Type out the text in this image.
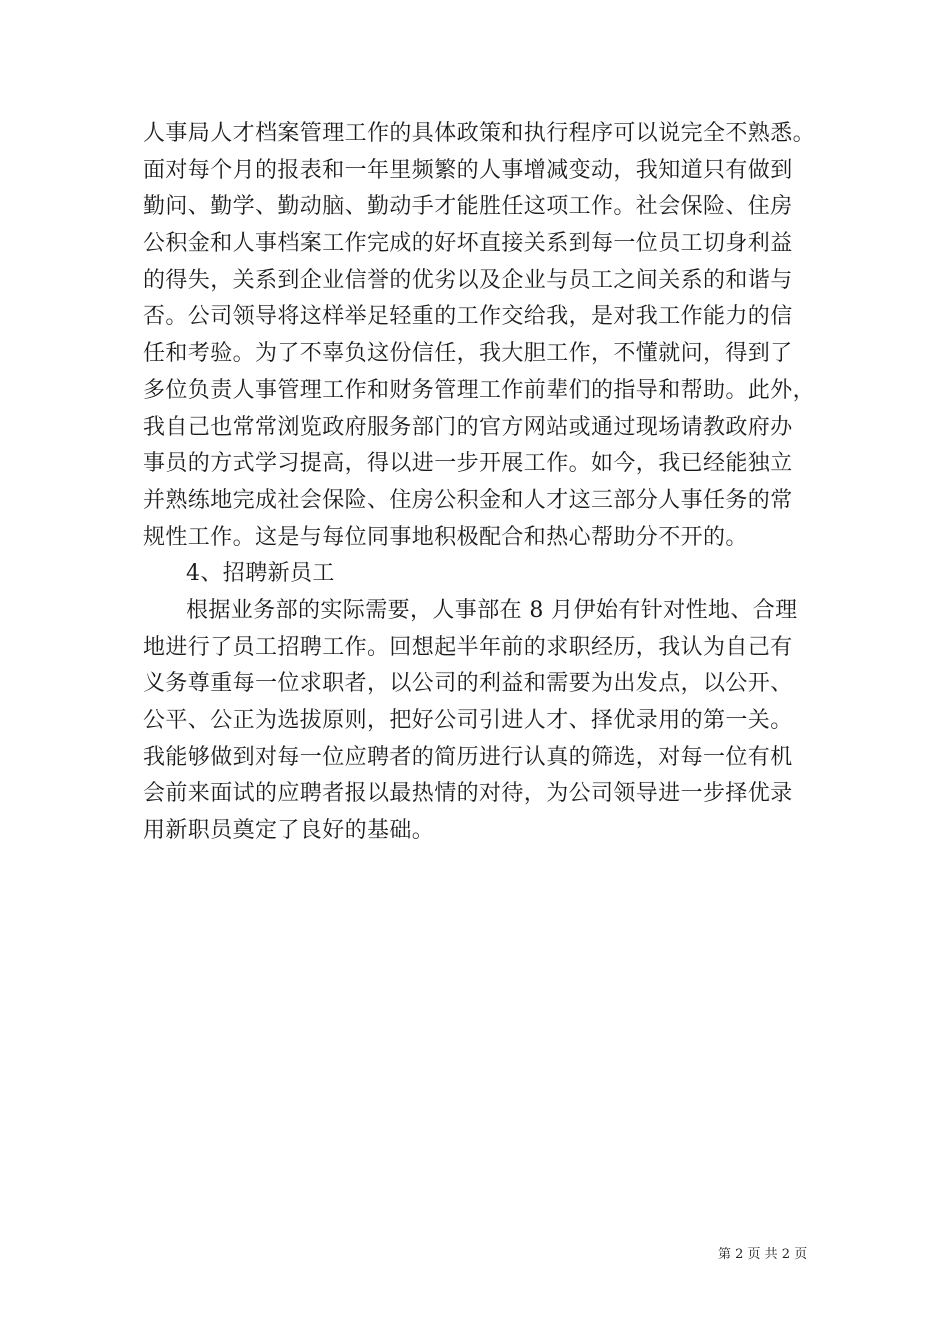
人事局人才档案管理工作的具体政策和执行程序可以说完全不熟悉。
面对每个月的报表和一年里频繁的人事增减变动，我知道只有做到
勤问、勤学、勤动脑、勤动手才能胜任这项工作。社会保险、住房
公积金和人事档案工作完成的好坏直接关系到每一位员工切身利益
的得失，关系到企业信誉的优劣以及企业与员工之间关系的和谐与
否。公司领导将这样举足轻重的工作交给我，是对我工作能力的信
任和考验。为了不辜负这份信任，我大胆工作，不懂就问，得到了
多位负责人事管理工作和财务管理工作前辈们的指导和帮助。此外，
我自己也常常浏览政府服务部门的官方网站或通过现场请教政府办
事员的方式学习提高，得以进一步开展工作。如今，我已经能独立
并熟练地完成社会保险、住房公积金和人才这三部分人事任务的常
规性工作。这是与每位同事地积极配合和热心帮助分不开的。
4、招聘新员工
根据业务部的实际需要，人事部在 8 月伊始有针对性地、合理
地进行了员工招聘工作。回想起半年前的求职经历，我认为自己有
义务尊重每一位求职者，以公司的利益和需要为出发点，以公开、
公平、公正为选拔原则，把好公司引进人才、择优录用的第一关。
我能够做到对每一位应聘者的简历进行认真的筛选，对每一位有机
会前来面试的应聘者报以最热情的对待，为公司领导进一步择优录
用新职员奠定了良好的基础。
第 2 页 共 2 页
